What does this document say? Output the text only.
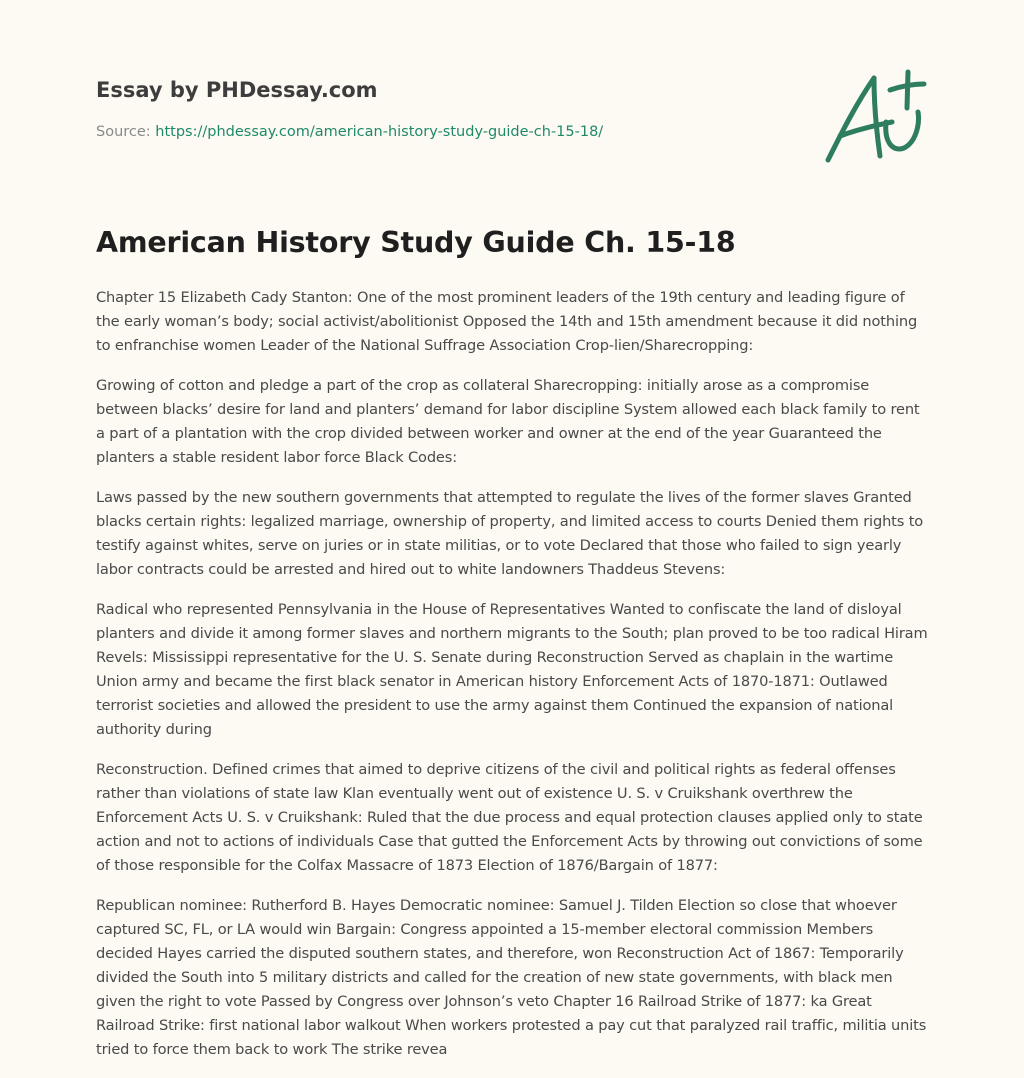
Essay by PHDessay.com
Source: https://phdessay.com/american-history-study-guide-ch-15-18/
American History Study Guide Ch. 15-18

Chapter 15 Elizabeth Cady Stanton: One of the most prominent leaders of the 19th century and leading figure of the early woman’s body; social activist/abolitionist Opposed the 14th and 15th amendment because it did nothing to enfranchise women Leader of the National Suffrage Association Crop-lien/Sharecropping:

Growing of cotton and pledge a part of the crop as collateral Sharecropping: initially arose as a compromise between blacks’ desire for land and planters’ demand for labor discipline System allowed each black family to rent a part of a plantation with the crop divided between worker and owner at the end of the year Guaranteed the planters a stable resident labor force Black Codes:

Laws passed by the new southern governments that attempted to regulate the lives of the former slaves Granted blacks certain rights: legalized marriage, ownership of property, and limited access to courts Denied them rights to testify against whites, serve on juries or in state militias, or to vote Declared that those who failed to sign yearly labor contracts could be arrested and hired out to white landowners Thaddeus Stevens:

Radical who represented Pennsylvania in the House of Representatives Wanted to confiscate the land of disloyal planters and divide it among former slaves and northern migrants to the South; plan proved to be too radical Hiram Revels: Mississippi representative for the U. S. Senate during Reconstruction Served as chaplain in the wartime Union army and became the first black senator in American history Enforcement Acts of 1870-1871: Outlawed terrorist societies and allowed the president to use the army against them Continued the expansion of national authority during

Reconstruction. Defined crimes that aimed to deprive citizens of the civil and political rights as federal offenses rather than violations of state law Klan eventually went out of existence U. S. v Cruikshank overthrew the Enforcement Acts U. S. v Cruikshank: Ruled that the due process and equal protection clauses applied only to state action and not to actions of individuals Case that gutted the Enforcement Acts by throwing out convictions of some of those responsible for the Colfax Massacre of 1873 Election of 1876/Bargain of 1877:

Republican nominee: Rutherford B. Hayes Democratic nominee: Samuel J. Tilden Election so close that whoever captured SC, FL, or LA would win Bargain: Congress appointed a 15-member electoral commission Members decided Hayes carried the disputed southern states, and therefore, won Reconstruction Act of 1867: Temporarily divided the South into 5 military districts and called for the creation of new state governments, with black men given the right to vote Passed by Congress over Johnson’s veto Chapter 16 Railroad Strike of 1877: ka Great Railroad Strike: first national labor walkout When workers protested a pay cut that paralyzed rail traffic, militia units tried to force them back to work The strike revea
